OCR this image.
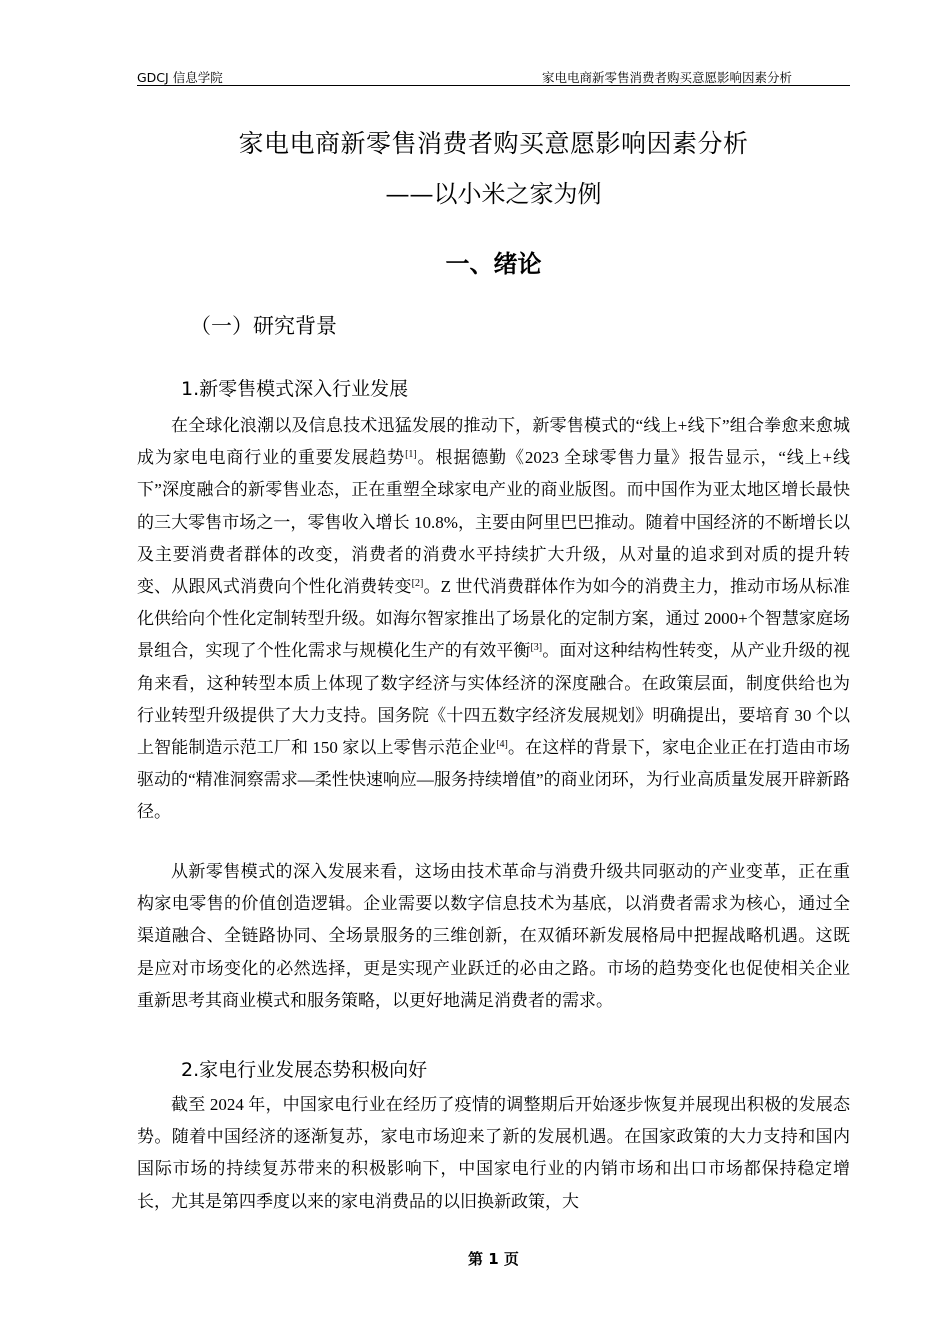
GDCJ 信息学院	家电电商新零售消费者购买意愿影响因素分析
家电电商新零售消费者购买意愿影响因素分析
——以小米之家为例
一、绪论
（一）研究背景
1.新零售模式深入行业发展

在全球化浪潮以及信息技术迅猛发展的推动下，新零售模式的“线上+线下”组合拳愈来愈城成为家电电商行业的重要发展趋势[1]。根据德勤《2023 全球零售力量》报告显示，“线上+线下”深度融合的新零售业态，正在重塑全球家电产业的商业版图。而中国作为亚太地区增长最快的三大零售市场之一，零售收入增长 10.8%，主要由阿里巴巴推动。随着中国经济的不断增长以及主要消费者群体的改变，消费者的消费水平持续扩大升级，从对量的追求到对质的提升转变、从跟风式消费向个性化消费转变[2]。Z 世代消费群体作为如今的消费主力，推动市场从标准化供给向个性化定制转型升级。如海尔智家推出了场景化的定制方案，通过 2000+个智慧家庭场景组合，实现了个性化需求与规模化生产的有效平衡[3]。面对这种结构性转变，从产业升级的视角来看，这种转型本质上体现了数字经济与实体经济的深度融合。在政策层面，制度供给也为行业转型升级提供了大力支持。国务院《十四五数字经济发展规划》明确提出，要培育 30 个以上智能制造示范工厂和 150 家以上零售示范企业[4]。在这样的背景下，家电企业正在打造由市场驱动的“精准洞察需求—柔性快速响应—服务持续增值”的商业闭环，为行业高质量发展开辟新路径。

从新零售模式的深入发展来看，这场由技术革命与消费升级共同驱动的产业变革，正在重构家电零售的价值创造逻辑。企业需要以数字信息技术为基底，以消费者需求为核心，通过全渠道融合、全链路协同、全场景服务的三维创新，在双循环新发展格局中把握战略机遇。这既是应对市场变化的必然选择，更是实现产业跃迁的必由之路。市场的趋势变化也促使相关企业重新思考其商业模式和服务策略，以更好地满足消费者的需求。

2.家电行业发展态势积极向好

截至 2024 年，中国家电行业在经历了疫情的调整期后开始逐步恢复并展现出积极的发展态势。随着中国经济的逐渐复苏，家电市场迎来了新的发展机遇。在国家政策的大力支持和国内国际市场的持续复苏带来的积极影响下，中国家电行业的内销市场和出口市场都保持稳定增长，尤其是第四季度以来的家电消费品的以旧换新政策，大

第 1 页
